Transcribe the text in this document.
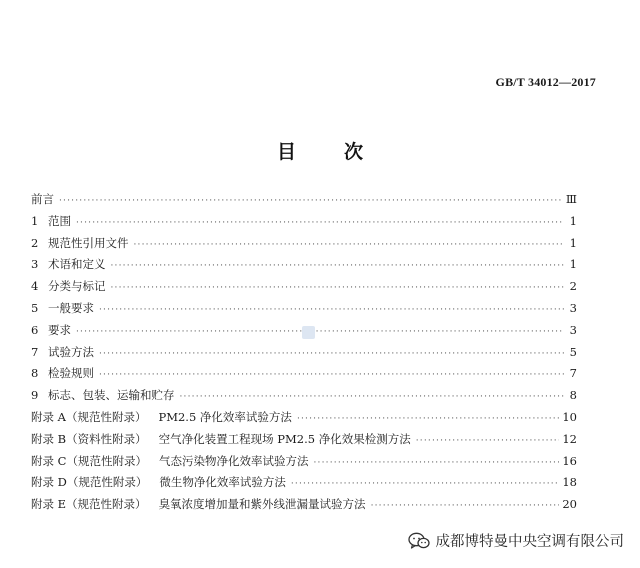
GB/T 34012—2017
目次
前言 ·····	Ⅲ
1 范围 ·····	1
2 规范性引用文件 ·····	1
3 术语和定义 ·····	1
4 分类与标记 ·····	2
5 一般要求 ·····	3
6 要求 ·····	3
7 试验方法 ·····	5
8 检验规则 ·····	7
9 标志、包装、运输和贮存 ·····	8
附录 A（规范性附录） PM2.5 净化效率试验方法 ·····	10
附录 B（资料性附录） 空气净化装置工程现场 PM2.5 净化效果检测方法 ·····	12
附录 C（规范性附录） 气态污染物净化效率试验方法 ·····	16
附录 D（规范性附录） 微生物净化效率试验方法 ·····	18
附录 E（规范性附录） 臭氧浓度增加量和紫外线泄漏量试验方法 ·····	20
成都博特曼中央空调有限公司
